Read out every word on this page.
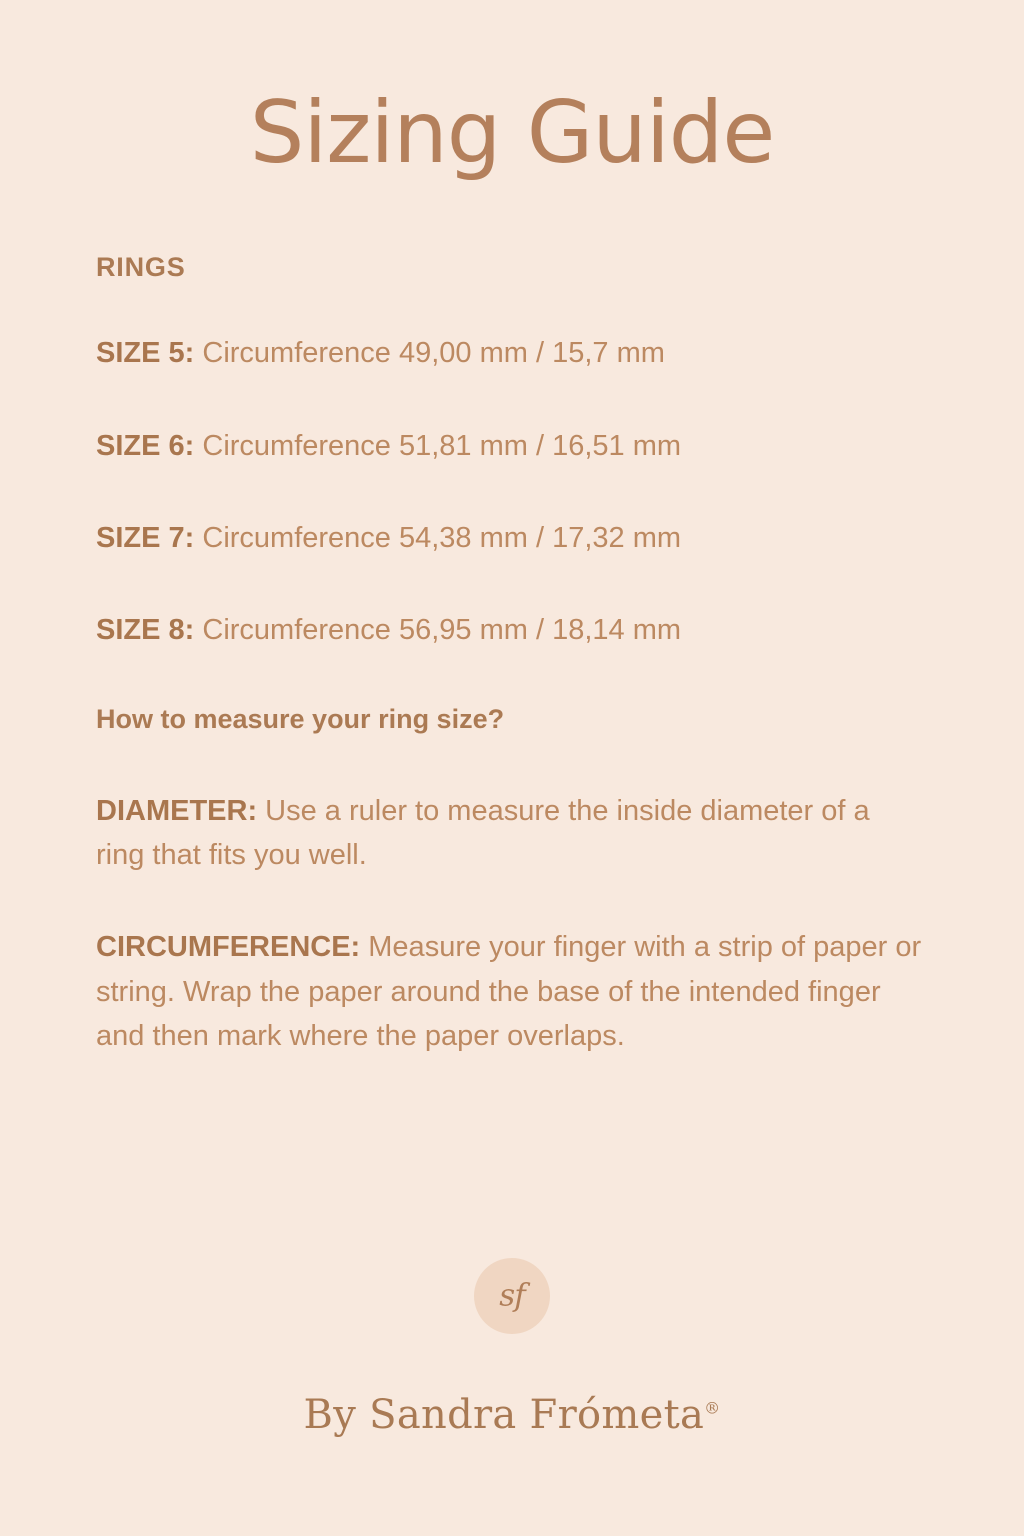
Sizing Guide
RINGS

SIZE 5: Circumference 49,00 mm / 15,7 mm

SIZE 6: Circumference 51,81 mm / 16,51 mm

SIZE 7: Circumference 54,38 mm / 17,32 mm

SIZE 8: Circumference 56,95 mm / 18,14 mm

How to measure your ring size?

DIAMETER: Use a ruler to measure the inside diameter of a ring that fits you well.

CIRCUMFERENCE: Measure your finger with a strip of paper or string. Wrap the paper around the base of the intended finger and then mark where the paper overlaps.

sf
By Sandra Frómeta®
